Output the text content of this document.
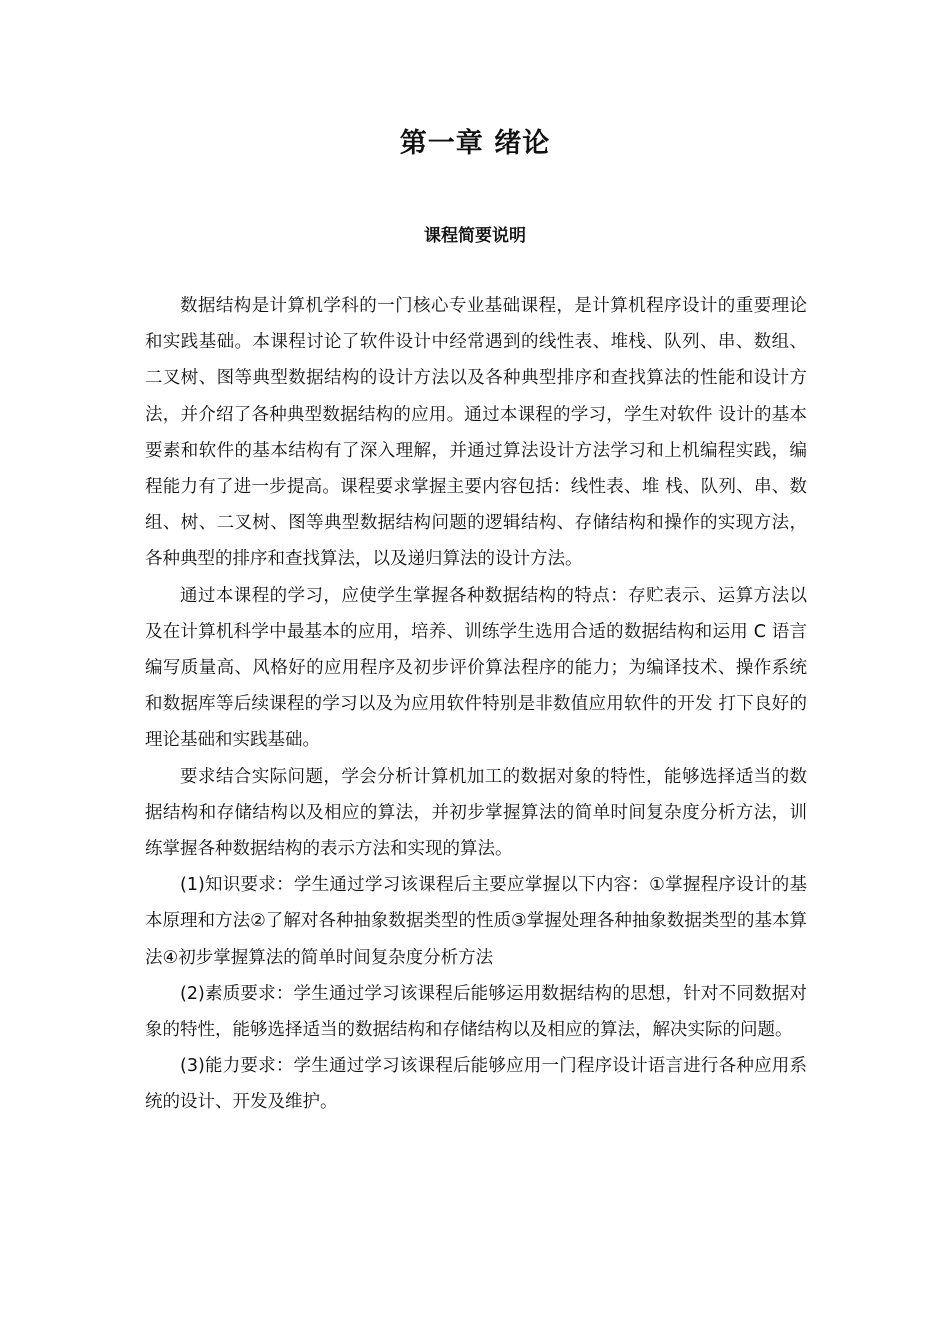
第一章 绪论
课程简要说明

数据结构是计算机学科的一门核心专业基础课程，是计算机程序设计的重要理论和实践基础。本课程讨论了软件设计中经常遇到的线性表、堆栈、队列、串、数组、二叉树、图等典型数据结构的设计方法以及各种典型排序和查找算法的性能和设计方法，并介绍了各种典型数据结构的应用。通过本课程的学习，学生对软件 设计的基本要素和软件的基本结构有了深入理解，并通过算法设计方法学习和上机编程实践，编程能力有了进一步提高。课程要求掌握主要内容包括：线性表、堆 栈、队列、串、数组、树、二叉树、图等典型数据结构问题的逻辑结构、存储结构和操作的实现方法，各种典型的排序和查找算法，以及递归算法的设计方法。

通过本课程的学习，应使学生掌握各种数据结构的特点：存贮表示、运算方法以及在计算机科学中最基本的应用，培养、训练学生选用合适的数据结构和运用 C 语言编写质量高、风格好的应用程序及初步评价算法程序的能力；为编译技术、操作系统和数据库等后续课程的学习以及为应用软件特别是非数值应用软件的开发 打下良好的理论基础和实践基础。

要求结合实际问题，学会分析计算机加工的数据对象的特性，能够选择适当的数据结构和存储结构以及相应的算法，并初步掌握算法的简单时间复杂度分析方法，训练掌握各种数据结构的表示方法和实现的算法。

(1)知识要求：学生通过学习该课程后主要应掌握以下内容：①掌握程序设计的基本原理和方法②了解对各种抽象数据类型的性质③掌握处理各种抽象数据类型的基本算法④初步掌握算法的简单时间复杂度分析方法

(2)素质要求：学生通过学习该课程后能够运用数据结构的思想，针对不同数据对象的特性，能够选择适当的数据结构和存储结构以及相应的算法，解决实际的问题。

(3)能力要求：学生通过学习该课程后能够应用一门程序设计语言进行各种应用系统的设计、开发及维护。
